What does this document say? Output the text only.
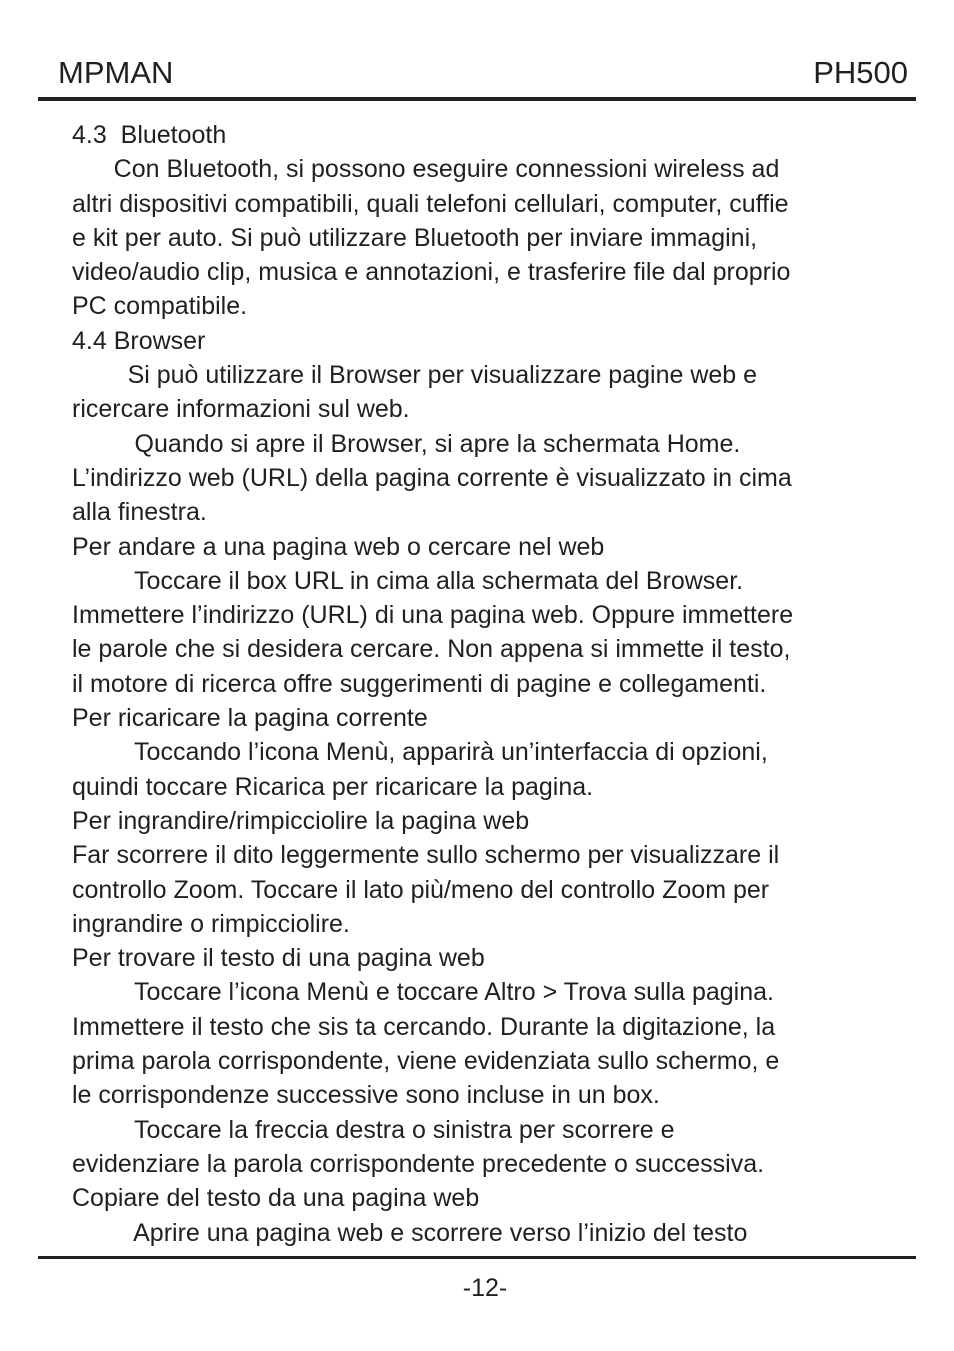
MPMAN	PH500
4.3  Bluetooth
Con Bluetooth, si possono eseguire connessioni wireless ad
altri dispositivi compatibili, quali telefoni cellulari, computer, cuffie
e kit per auto. Si può utilizzare Bluetooth per inviare immagini,
video/audio clip, musica e annotazioni, e trasferire file dal proprio
PC compatibile.
4.4 Browser
Si può utilizzare il Browser per visualizzare pagine web e
ricercare informazioni sul web.
Quando si apre il Browser, si apre la schermata Home.
L’indirizzo web (URL) della pagina corrente è visualizzato in cima
alla finestra.
Per andare a una pagina web o cercare nel web
Toccare il box URL in cima alla schermata del Browser.
Immettere l’indirizzo (URL) di una pagina web. Oppure immettere
le parole che si desidera cercare. Non appena si immette il testo,
il motore di ricerca offre suggerimenti di pagine e collegamenti.
Per ricaricare la pagina corrente
Toccando l’icona Menù, apparirà un’interfaccia di opzioni,
quindi toccare Ricarica per ricaricare la pagina.
Per ingrandire/rimpicciolire la pagina web
Far scorrere il dito leggermente sullo schermo per visualizzare il
controllo Zoom. Toccare il lato più/meno del controllo Zoom per
ingrandire o rimpicciolire.
Per trovare il testo di una pagina web
Toccare l’icona Menù e toccare Altro > Trova sulla pagina.
Immettere il testo che sis ta cercando. Durante la digitazione, la
prima parola corrispondente, viene evidenziata sullo schermo, e
le corrispondenze successive sono incluse in un box.
Toccare la freccia destra o sinistra per scorrere e
evidenziare la parola corrispondente precedente o successiva.
Copiare del testo da una pagina web
Aprire una pagina web e scorrere verso l’inizio del testo
-12-
